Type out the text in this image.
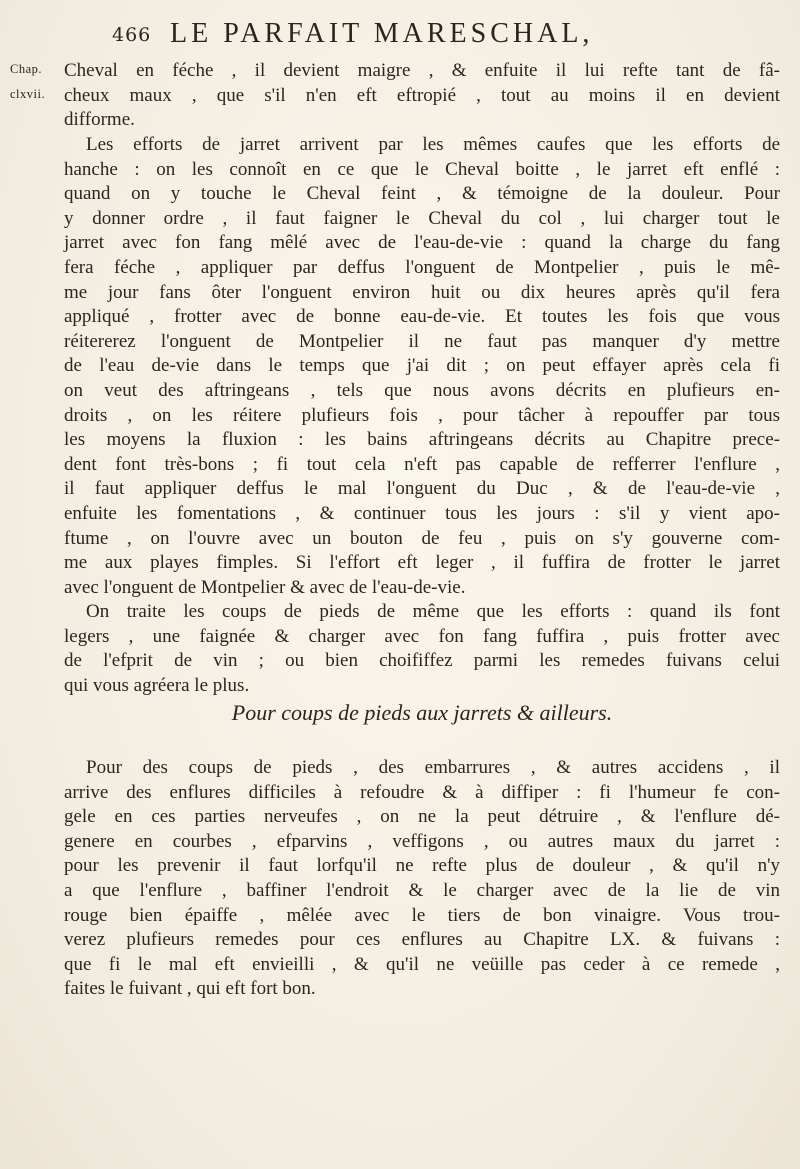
466 LE PARFAIT MARESCHAL,
Chap.
clxvii.
Cheval en féche , il devient maigre , & enfuite il lui refte tant de fâ-
cheux maux , que s'il n'en eft eftropié , tout au moins il en devient
difforme.
Les efforts de jarret arrivent par les mêmes caufes que les efforts de
hanche : on les connoît en ce que le Cheval boitte , le jarret eft enflé :
quand on y touche le Cheval feint , & témoigne de la douleur. Pour
y donner ordre , il faut faigner le Cheval du col , lui charger tout le
jarret avec fon fang mêlé avec de l'eau-de-vie : quand la charge du fang
fera féche , appliquer par deffus l'onguent de Montpelier , puis le mê-
me jour fans ôter l'onguent environ huit ou dix heures après qu'il fera
appliqué , frotter avec de bonne eau-de-vie. Et toutes les fois que vous
réitererez l'onguent de Montpelier il ne faut pas manquer d'y mettre
de l'eau de-vie dans le temps que j'ai dit ; on peut effayer après cela fi
on veut des aftringeans , tels que nous avons décrits en plufieurs en-
droits , on les réitere plufieurs fois , pour tâcher à repouffer par tous
les moyens la fluxion : les bains aftringeans décrits au Chapitre prece-
dent font très-bons ; fi tout cela n'eft pas capable de refferrer l'enflure ,
il faut appliquer deffus le mal l'onguent du Duc , & de l'eau-de-vie ,
enfuite les fomentations , & continuer tous les jours : s'il y vient apo-
ftume , on l'ouvre avec un bouton de feu , puis on s'y gouverne com-
me aux playes fimples. Si l'effort eft leger , il fuffira de frotter le jarret
avec l'onguent de Montpelier & avec de l'eau-de-vie.
On traite les coups de pieds de même que les efforts : quand ils font
legers , une faignée & charger avec fon fang fuffira , puis frotter avec
de l'efprit de vin ; ou bien choififfez parmi les remedes fuivans celui
qui vous agréera le plus.
Pour coups de pieds aux jarrets & ailleurs.
Pour des coups de pieds , des embarrures , & autres accidens , il
arrive des enflures difficiles à refoudre & à diffiper : fi l'humeur fe con-
gele en ces parties nerveufes , on ne la peut détruire , & l'enflure dé-
genere en courbes , efparvins , veffigons , ou autres maux du jarret :
pour les prevenir il faut lorfqu'il ne refte plus de douleur , & qu'il n'y
a que l'enflure , baffiner l'endroit & le charger avec de la lie de vin
rouge bien épaiffe , mêlée avec le tiers de bon vinaigre. Vous trou-
verez plufieurs remedes pour ces enflures au Chapitre LX. & fuivans :
que fi le mal eft envieilli , & qu'il ne veüille pas ceder à ce remede ,
faites le fuivant , qui eft fort bon.
